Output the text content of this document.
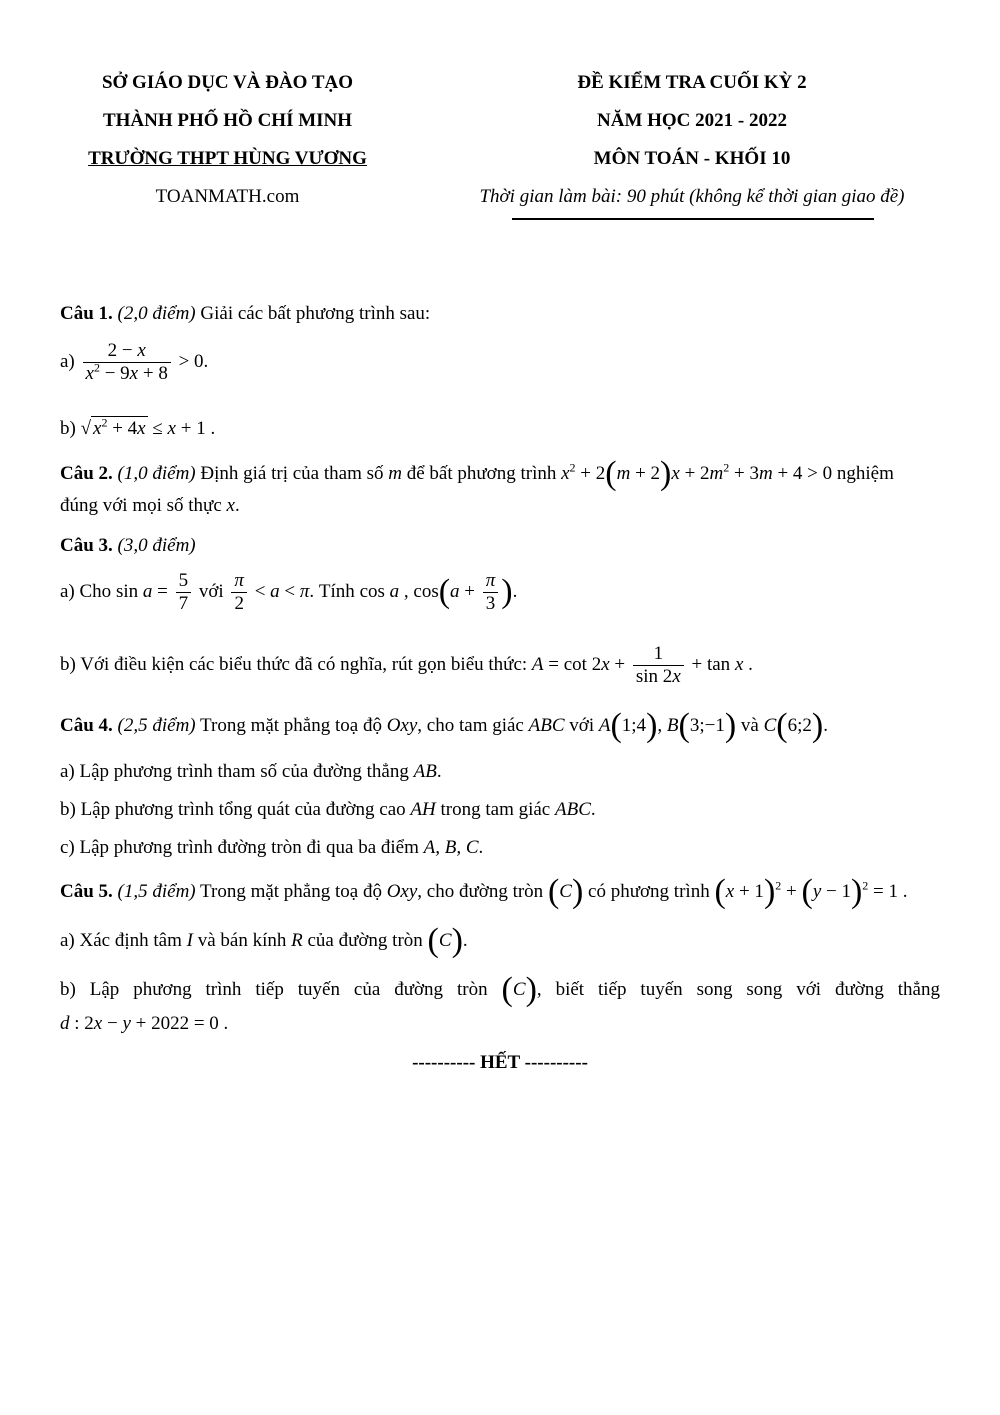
SỞ GIÁO DỤC VÀ ĐÀO TẠO
THÀNH PHỐ HỒ CHÍ MINH
TRƯỜNG THPT HÙNG VƯƠNG
TOANMATH.com
ĐỀ KIỂM TRA CUỐI KỲ 2
NĂM HỌC 2021 - 2022
MÔN TOÁN - KHỐI 10
Thời gian làm bài: 90 phút (không kể thời gian giao đề)
Câu 1. (2,0 điểm) Giải các bất phương trình sau:
$a) \frac{2 - x}{x^2 - 9x + 8} > 0$.
b) √ $x^2 + 4x \le x + 1$ .
Câu 2. (1,0 điểm) Định giá trị của tham số m để bất phương trình $x^2 + 2(m + 2)x + 2m^2 + 3m + 4 > 0$ nghiệm
đúng với mọi số thực x.
Câu 3. (3,0 điểm)
a) Cho $\sin a = \frac{5}{7}$ với $\frac{\pi}{2} < a < \pi$. Tính cos a , $\cos(a + \frac{\pi}{3}$ ).
b) Với điều kiện các biểu thức đã có nghĩa, rút gọn biểu thức: $A = \cot 2x + \frac{1}{\sin 2x} + \tan x$ .
Câu 4. (2,5 điểm) Trong mặt phẳng toạ độ Oxy, cho tam giác ABC với A(1;4), B(3;−1) và C(6;2).
a) Lập phương trình tham số của đường thẳng AB.
b) Lập phương trình tổng quát của đường cao AH trong tam giác ABC.
c) Lập phương trình đường tròn đi qua ba điểm A, B, C.
Câu 5. (1,5 điểm) Trong mặt phẳng toạ độ Oxy, cho đường tròn (C) có phương trình $(x + 1)^2 + (y - 1)^2 = 1$ .
a) Xác định tâm I và bán kính R của đường tròn (C).
b) Lập phương trình tiếp tuyến của đường tròn (C), biết tiếp tuyến song song với đường thẳng
d : 2x − y + 2022 = 0 .
---------- HẾT ----------
